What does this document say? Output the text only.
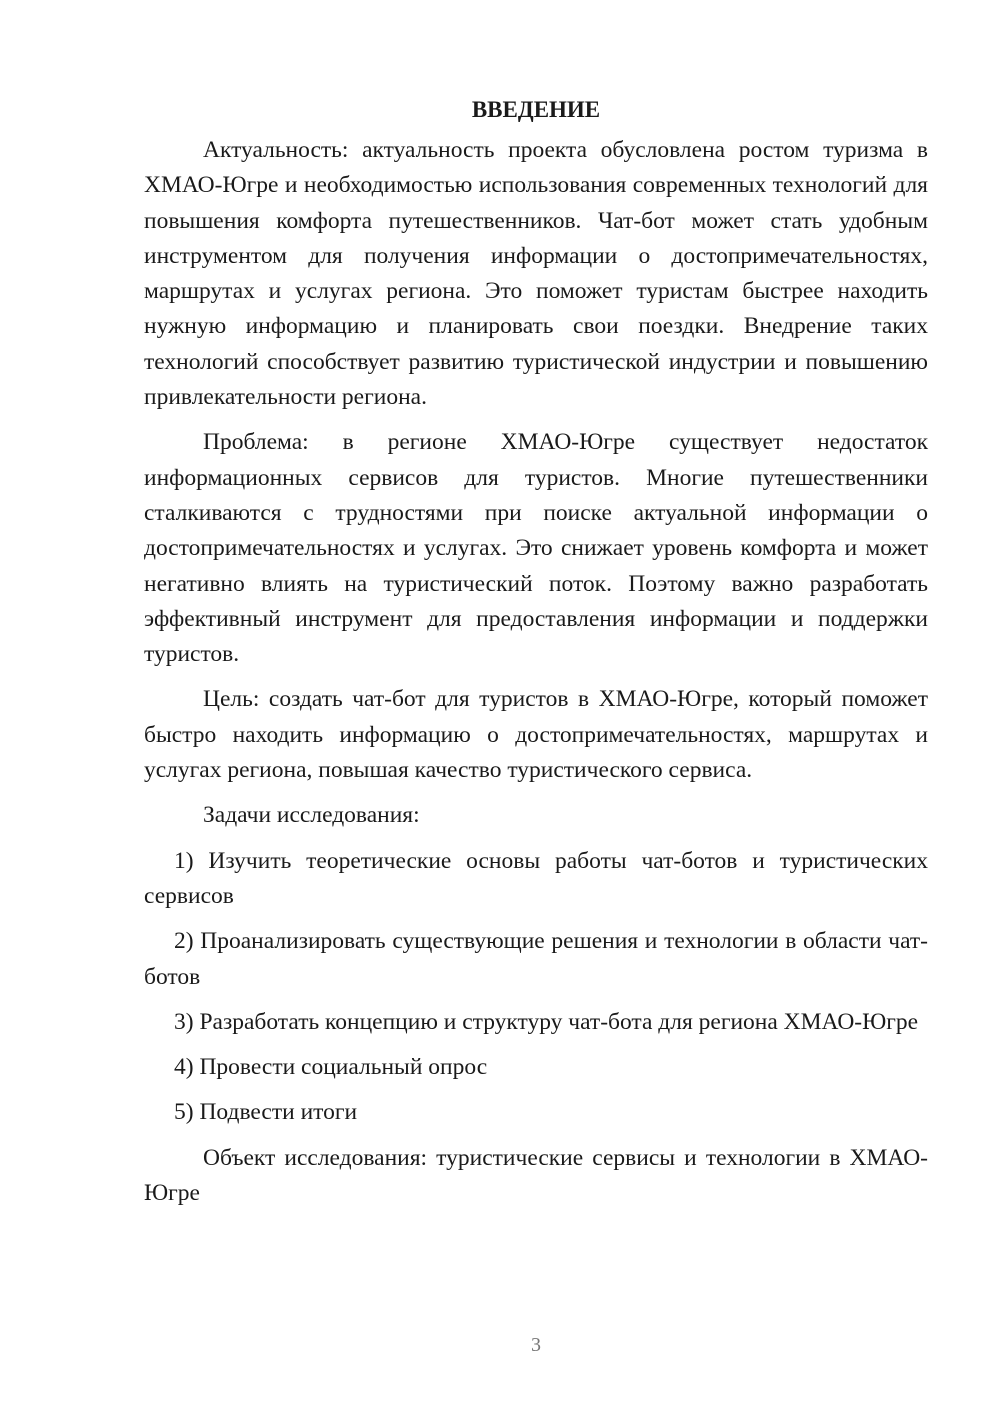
ВВЕДЕНИЕ

Актуальность: актуальность проекта обусловлена ростом туризма в ХМАО-Югре и необходимостью использования современных технологий для повышения комфорта путешественников. Чат-бот может стать удобным инструментом для получения информации о достопримечательностях, маршрутах и услугах региона. Это поможет туристам быстрее находить нужную информацию и планировать свои поездки. Внедрение таких технологий способствует развитию туристической индустрии и повышению привлекательности региона.

Проблема: в регионе ХМАО-Югре существует недостаток информационных сервисов для туристов. Многие путешественники сталкиваются с трудностями при поиске актуальной информации о достопримечательностях и услугах. Это снижает уровень комфорта и может негативно влиять на туристический поток. Поэтому важно разработать эффективный инструмент для предоставления информации и поддержки туристов.

Цель: создать чат-бот для туристов в ХМАО-Югре, который поможет быстро находить информацию о достопримечательностях, маршрутах и услугах региона, повышая качество туристического сервиса.

Задачи исследования:

1) Изучить теоретические основы работы чат-ботов и туристических сервисов

2) Проанализировать существующие решения и технологии в области чат-ботов

3) Разработать концепцию и структуру чат-бота для региона ХМАО-Югре

4) Провести социальный опрос

5) Подвести итоги

Объект исследования: туристические сервисы и технологии в ХМАО-Югре

3
